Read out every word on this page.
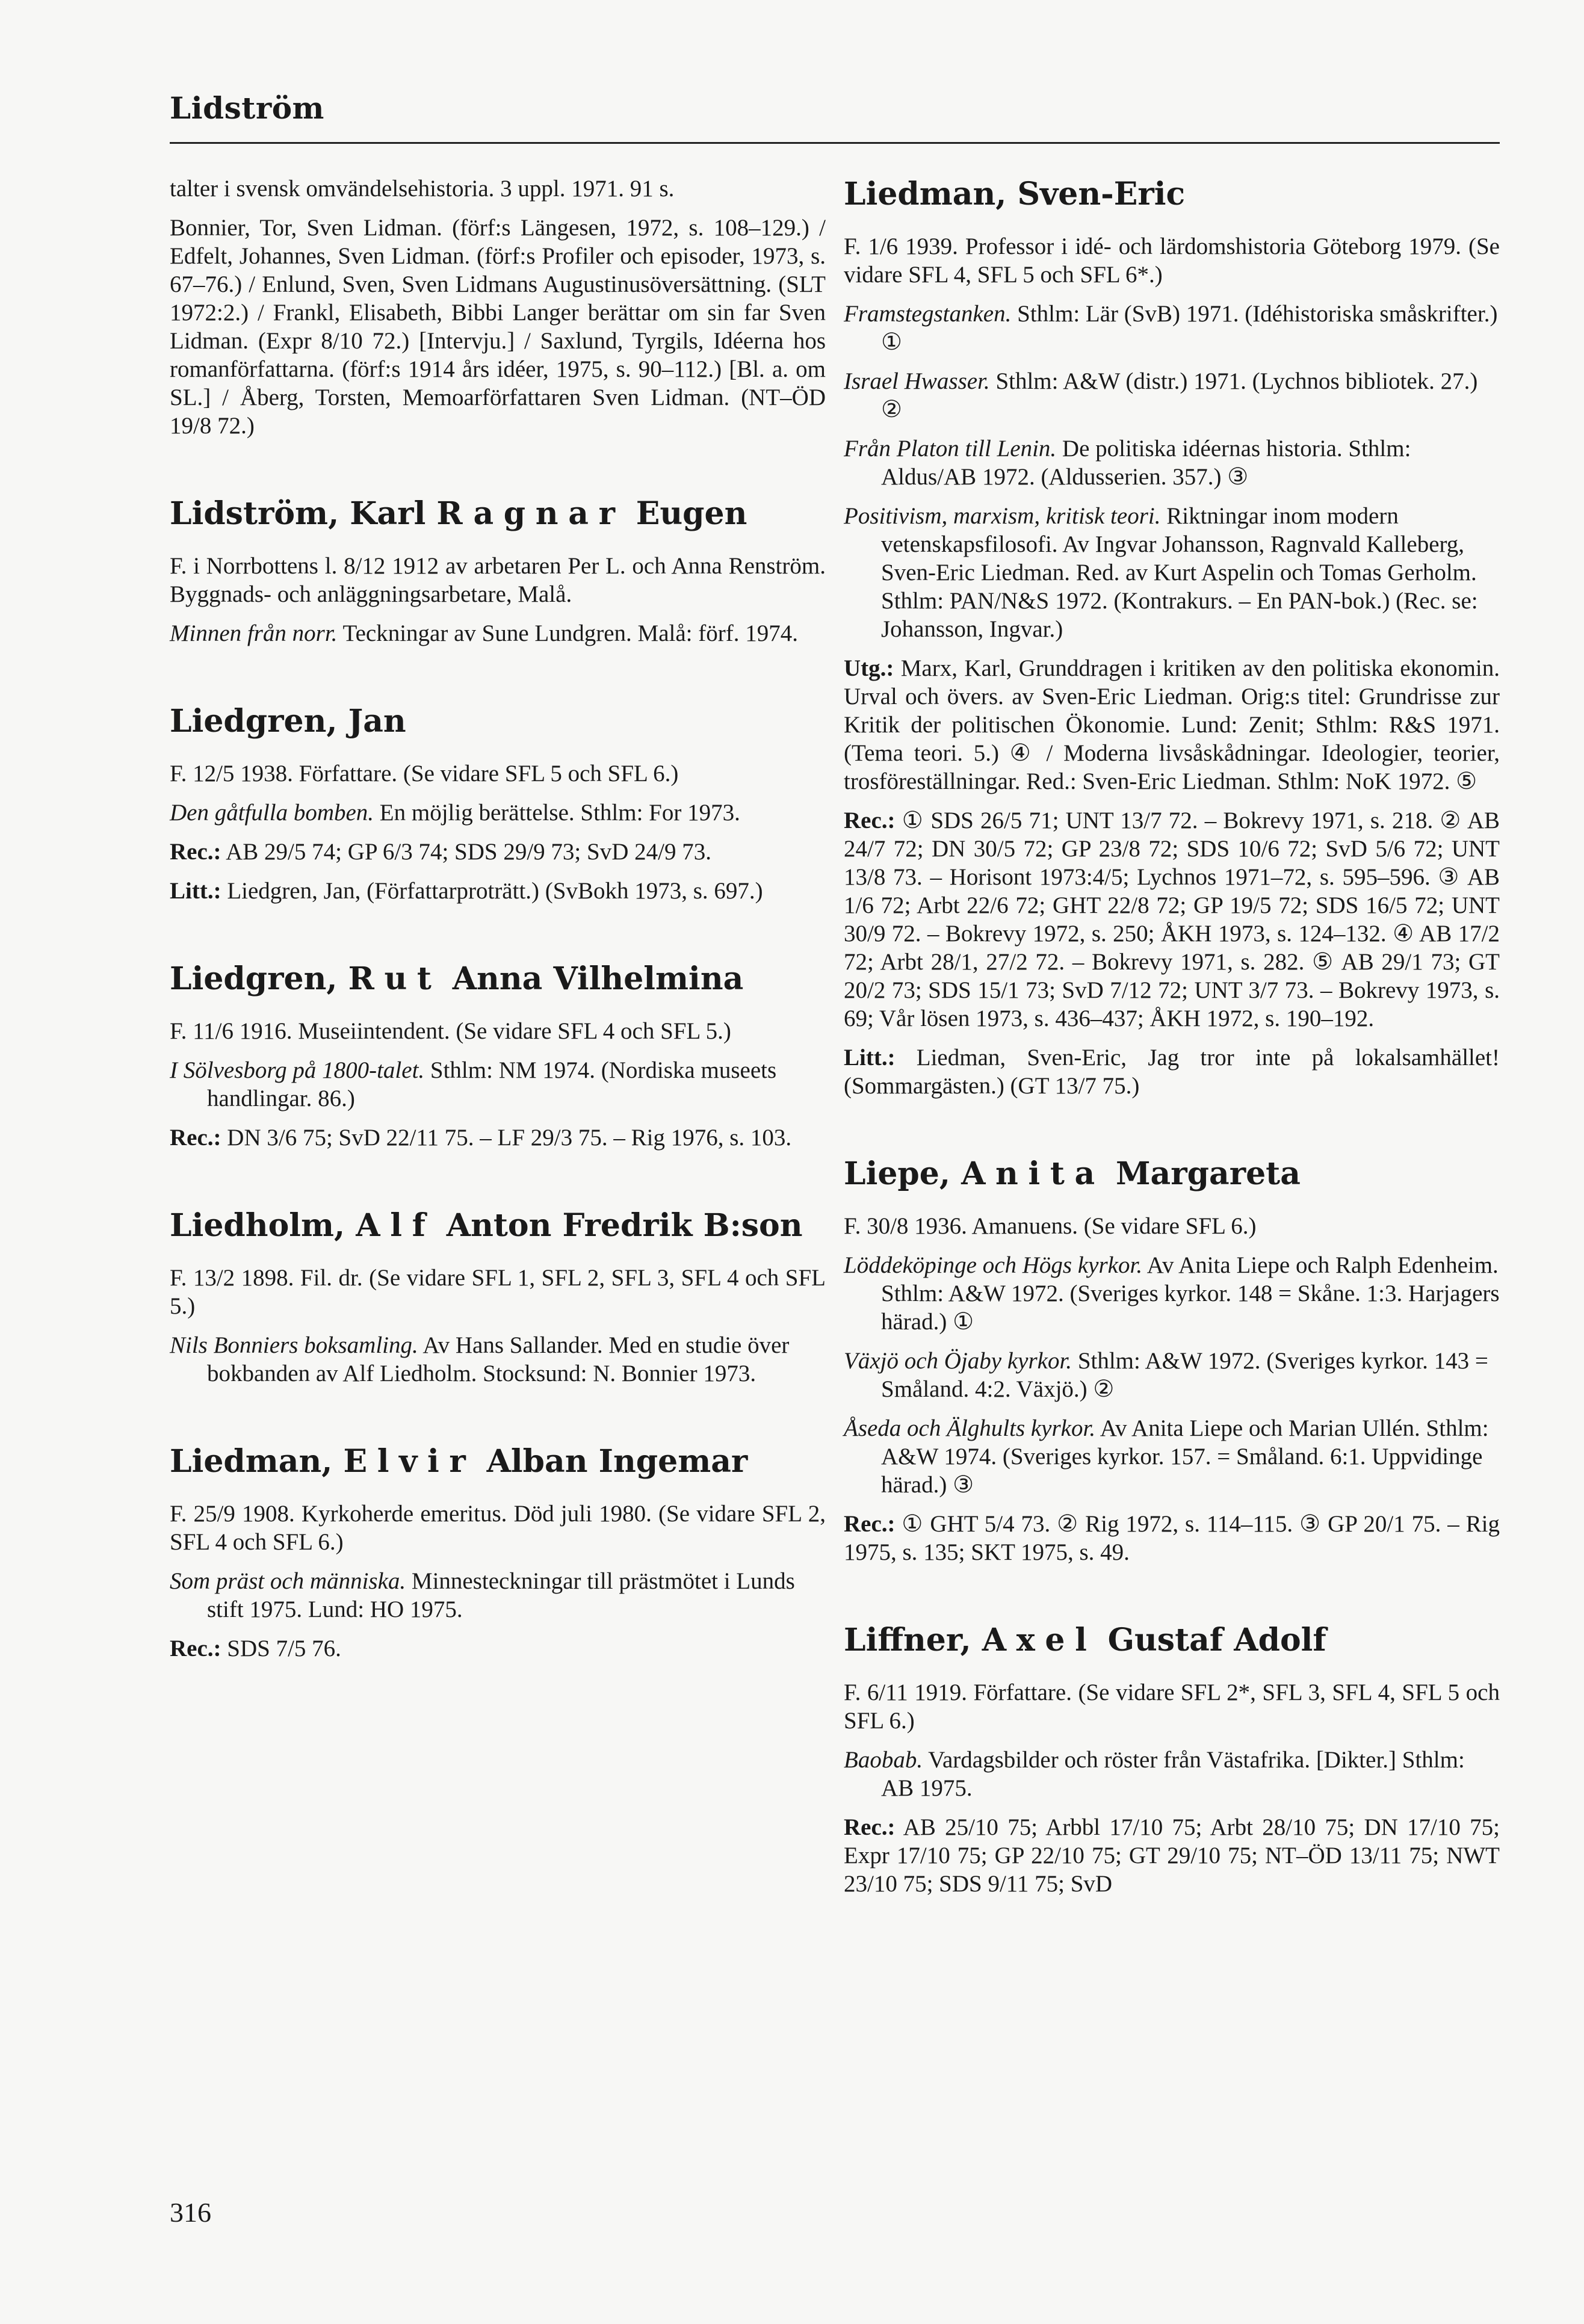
Lidström

talter i svensk omvändelsehistoria. 3 uppl. 1971. 91 s.

Bonnier, Tor, Sven Lidman. (förf:s Längesen, 1972, s. 108–129.) / Edfelt, Johannes, Sven Lidman. (förf:s Profiler och episoder, 1973, s. 67–76.) / Enlund, Sven, Sven Lidmans Augustinusöversättning. (SLT 1972:2.) / Frankl, Elisabeth, Bibbi Langer berättar om sin far Sven Lidman. (Expr 8/10 72.) [Intervju.] / Saxlund, Tyrgils, Idéerna hos romanförfattarna. (förf:s 1914 års idéer, 1975, s. 90–112.) [Bl. a. om SL.] / Åberg, Torsten, Memoarförfattaren Sven Lidman. (NT–ÖD 19/8 72.)

Lidström, Karl Ragnar Eugen

F. i Norrbottens l. 8/12 1912 av arbetaren Per L. och Anna Renström. Byggnads- och anläggningsarbetare, Malå.

Minnen från norr. Teckningar av Sune Lundgren. Malå: förf. 1974.

Liedgren, Jan

F. 12/5 1938. Författare. (Se vidare SFL 5 och SFL 6.)

Den gåtfulla bomben. En möjlig berättelse. Sthlm: For 1973.

Rec.: AB 29/5 74; GP 6/3 74; SDS 29/9 73; SvD 24/9 73.

Litt.: Liedgren, Jan, (Författarproträtt.) (SvBokh 1973, s. 697.)

Liedgren, Rut Anna Vilhelmina

F. 11/6 1916. Museiintendent. (Se vidare SFL 4 och SFL 5.)

I Sölvesborg på 1800-talet. Sthlm: NM 1974. (Nordiska museets handlingar. 86.)

Rec.: DN 3/6 75; SvD 22/11 75. – LF 29/3 75. – Rig 1976, s. 103.

Liedholm, Alf Anton Fredrik B:son

F. 13/2 1898. Fil. dr. (Se vidare SFL 1, SFL 2, SFL 3, SFL 4 och SFL 5.)

Nils Bonniers boksamling. Av Hans Sallander. Med en studie över bokbanden av Alf Liedholm. Stocksund: N. Bonnier 1973.

Liedman, Elvir Alban Ingemar

F. 25/9 1908. Kyrkoherde emeritus. Död juli 1980. (Se vidare SFL 2, SFL 4 och SFL 6.)

Som präst och människa. Minnesteckningar till prästmötet i Lunds stift 1975. Lund: HO 1975.

Rec.: SDS 7/5 76.

Liedman, Sven-Eric

F. 1/6 1939. Professor i idé- och lärdomshistoria Göteborg 1979. (Se vidare SFL 4, SFL 5 och SFL 6*.)

Framstegstanken. Sthlm: Lär (SvB) 1971. (Idéhistoriska småskrifter.) ①

Israel Hwasser. Sthlm: A&W (distr.) 1971. (Lychnos bibliotek. 27.) ②

Från Platon till Lenin. De politiska idéernas historia. Sthlm: Aldus/AB 1972. (Aldusserien. 357.) ③

Positivism, marxism, kritisk teori. Riktningar inom modern vetenskapsfilosofi. Av Ingvar Johansson, Ragnvald Kalleberg, Sven-Eric Liedman. Red. av Kurt Aspelin och Tomas Gerholm. Sthlm: PAN/N&S 1972. (Kontrakurs. – En PAN-bok.) (Rec. se: Johansson, Ingvar.)

Utg.: Marx, Karl, Grunddragen i kritiken av den politiska ekonomin. Urval och övers. av Sven-Eric Liedman. Orig:s titel: Grundrisse zur Kritik der politischen Ökonomie. Lund: Zenit; Sthlm: R&S 1971. (Tema teori. 5.) ④ / Moderna livsåskådningar. Ideologier, teorier, trosföreställningar. Red.: Sven-Eric Liedman. Sthlm: NoK 1972. ⑤

Rec.: ① SDS 26/5 71; UNT 13/7 72. – Bokrevy 1971, s. 218. ② AB 24/7 72; DN 30/5 72; GP 23/8 72; SDS 10/6 72; SvD 5/6 72; UNT 13/8 73. – Horisont 1973:4/5; Lychnos 1971–72, s. 595–596. ③ AB 1/6 72; Arbt 22/6 72; GHT 22/8 72; GP 19/5 72; SDS 16/5 72; UNT 30/9 72. – Bokrevy 1972, s. 250; ÅKH 1973, s. 124–132. ④ AB 17/2 72; Arbt 28/1, 27/2 72. – Bokrevy 1971, s. 282. ⑤ AB 29/1 73; GT 20/2 73; SDS 15/1 73; SvD 7/12 72; UNT 3/7 73. – Bokrevy 1973, s. 69; Vår lösen 1973, s. 436–437; ÅKH 1972, s. 190–192.

Litt.: Liedman, Sven-Eric, Jag tror inte på lokalsamhället! (Sommargästen.) (GT 13/7 75.)

Liepe, Anita Margareta

F. 30/8 1936. Amanuens. (Se vidare SFL 6.)

Löddeköpinge och Högs kyrkor. Av Anita Liepe och Ralph Edenheim. Sthlm: A&W 1972. (Sveriges kyrkor. 148 = Skåne. 1:3. Harjagers härad.) ①

Växjö och Öjaby kyrkor. Sthlm: A&W 1972. (Sveriges kyrkor. 143 = Småland. 4:2. Växjö.) ②

Åseda och Älghults kyrkor. Av Anita Liepe och Marian Ullén. Sthlm: A&W 1974. (Sveriges kyrkor. 157. = Småland. 6:1. Uppvidinge härad.) ③

Rec.: ① GHT 5/4 73. ② Rig 1972, s. 114–115. ③ GP 20/1 75. – Rig 1975, s. 135; SKT 1975, s. 49.

Liffner, Axel Gustaf Adolf

F. 6/11 1919. Författare. (Se vidare SFL 2*, SFL 3, SFL 4, SFL 5 och SFL 6.)

Baobab. Vardagsbilder och röster från Västafrika. [Dikter.] Sthlm: AB 1975.

Rec.: AB 25/10 75; Arbbl 17/10 75; Arbt 28/10 75; DN 17/10 75; Expr 17/10 75; GP 22/10 75; GT 29/10 75; NT–ÖD 13/11 75; NWT 23/10 75; SDS 9/11 75; SvD

316
